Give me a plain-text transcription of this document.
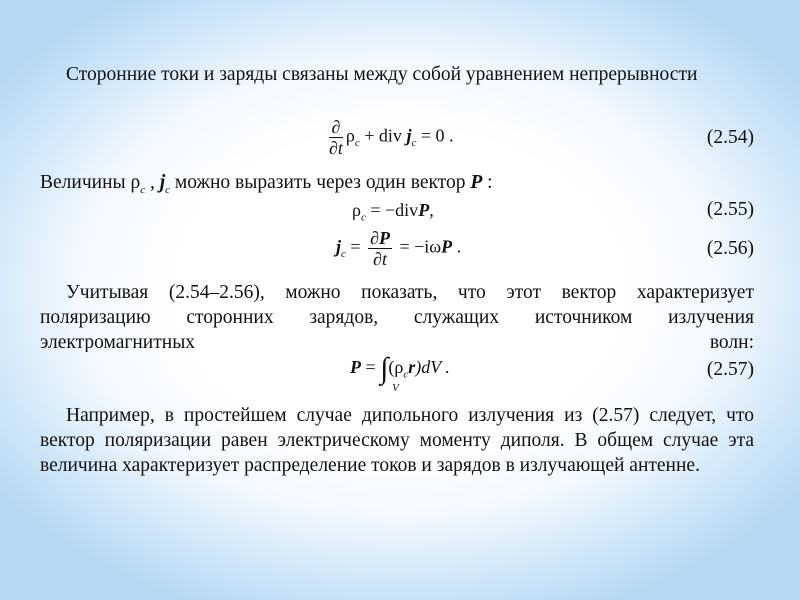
Сторонние токи и заряды связаны между собой уравнением непрерывности

$\frac{\partial}{\partial t} \rho_c$ + div $j_c = 0$ .	(2.54)

Величины $\rho_c$ , $j_c$ можно выразить через один вектор P :

$\rho_c$ = −divP,	(2.55)
$j_c = \frac{\partial P}{\partial t} = -i\omega P$ .	(2.56)

Учитывая (2.54–2.56), можно показать, что этот вектор характеризует поляризацию сторонних зарядов, служащих источником излучения электромагнитных волн:

P = ∫
V
$(\rho_cr)dV$ .	(2.57)

Например, в простейшем случае дипольного излучения из (2.57) следует, что вектор поляризации равен электрическому моменту диполя. В общем случае эта величина характеризует распределение токов и зарядов в излучающей антенне.
